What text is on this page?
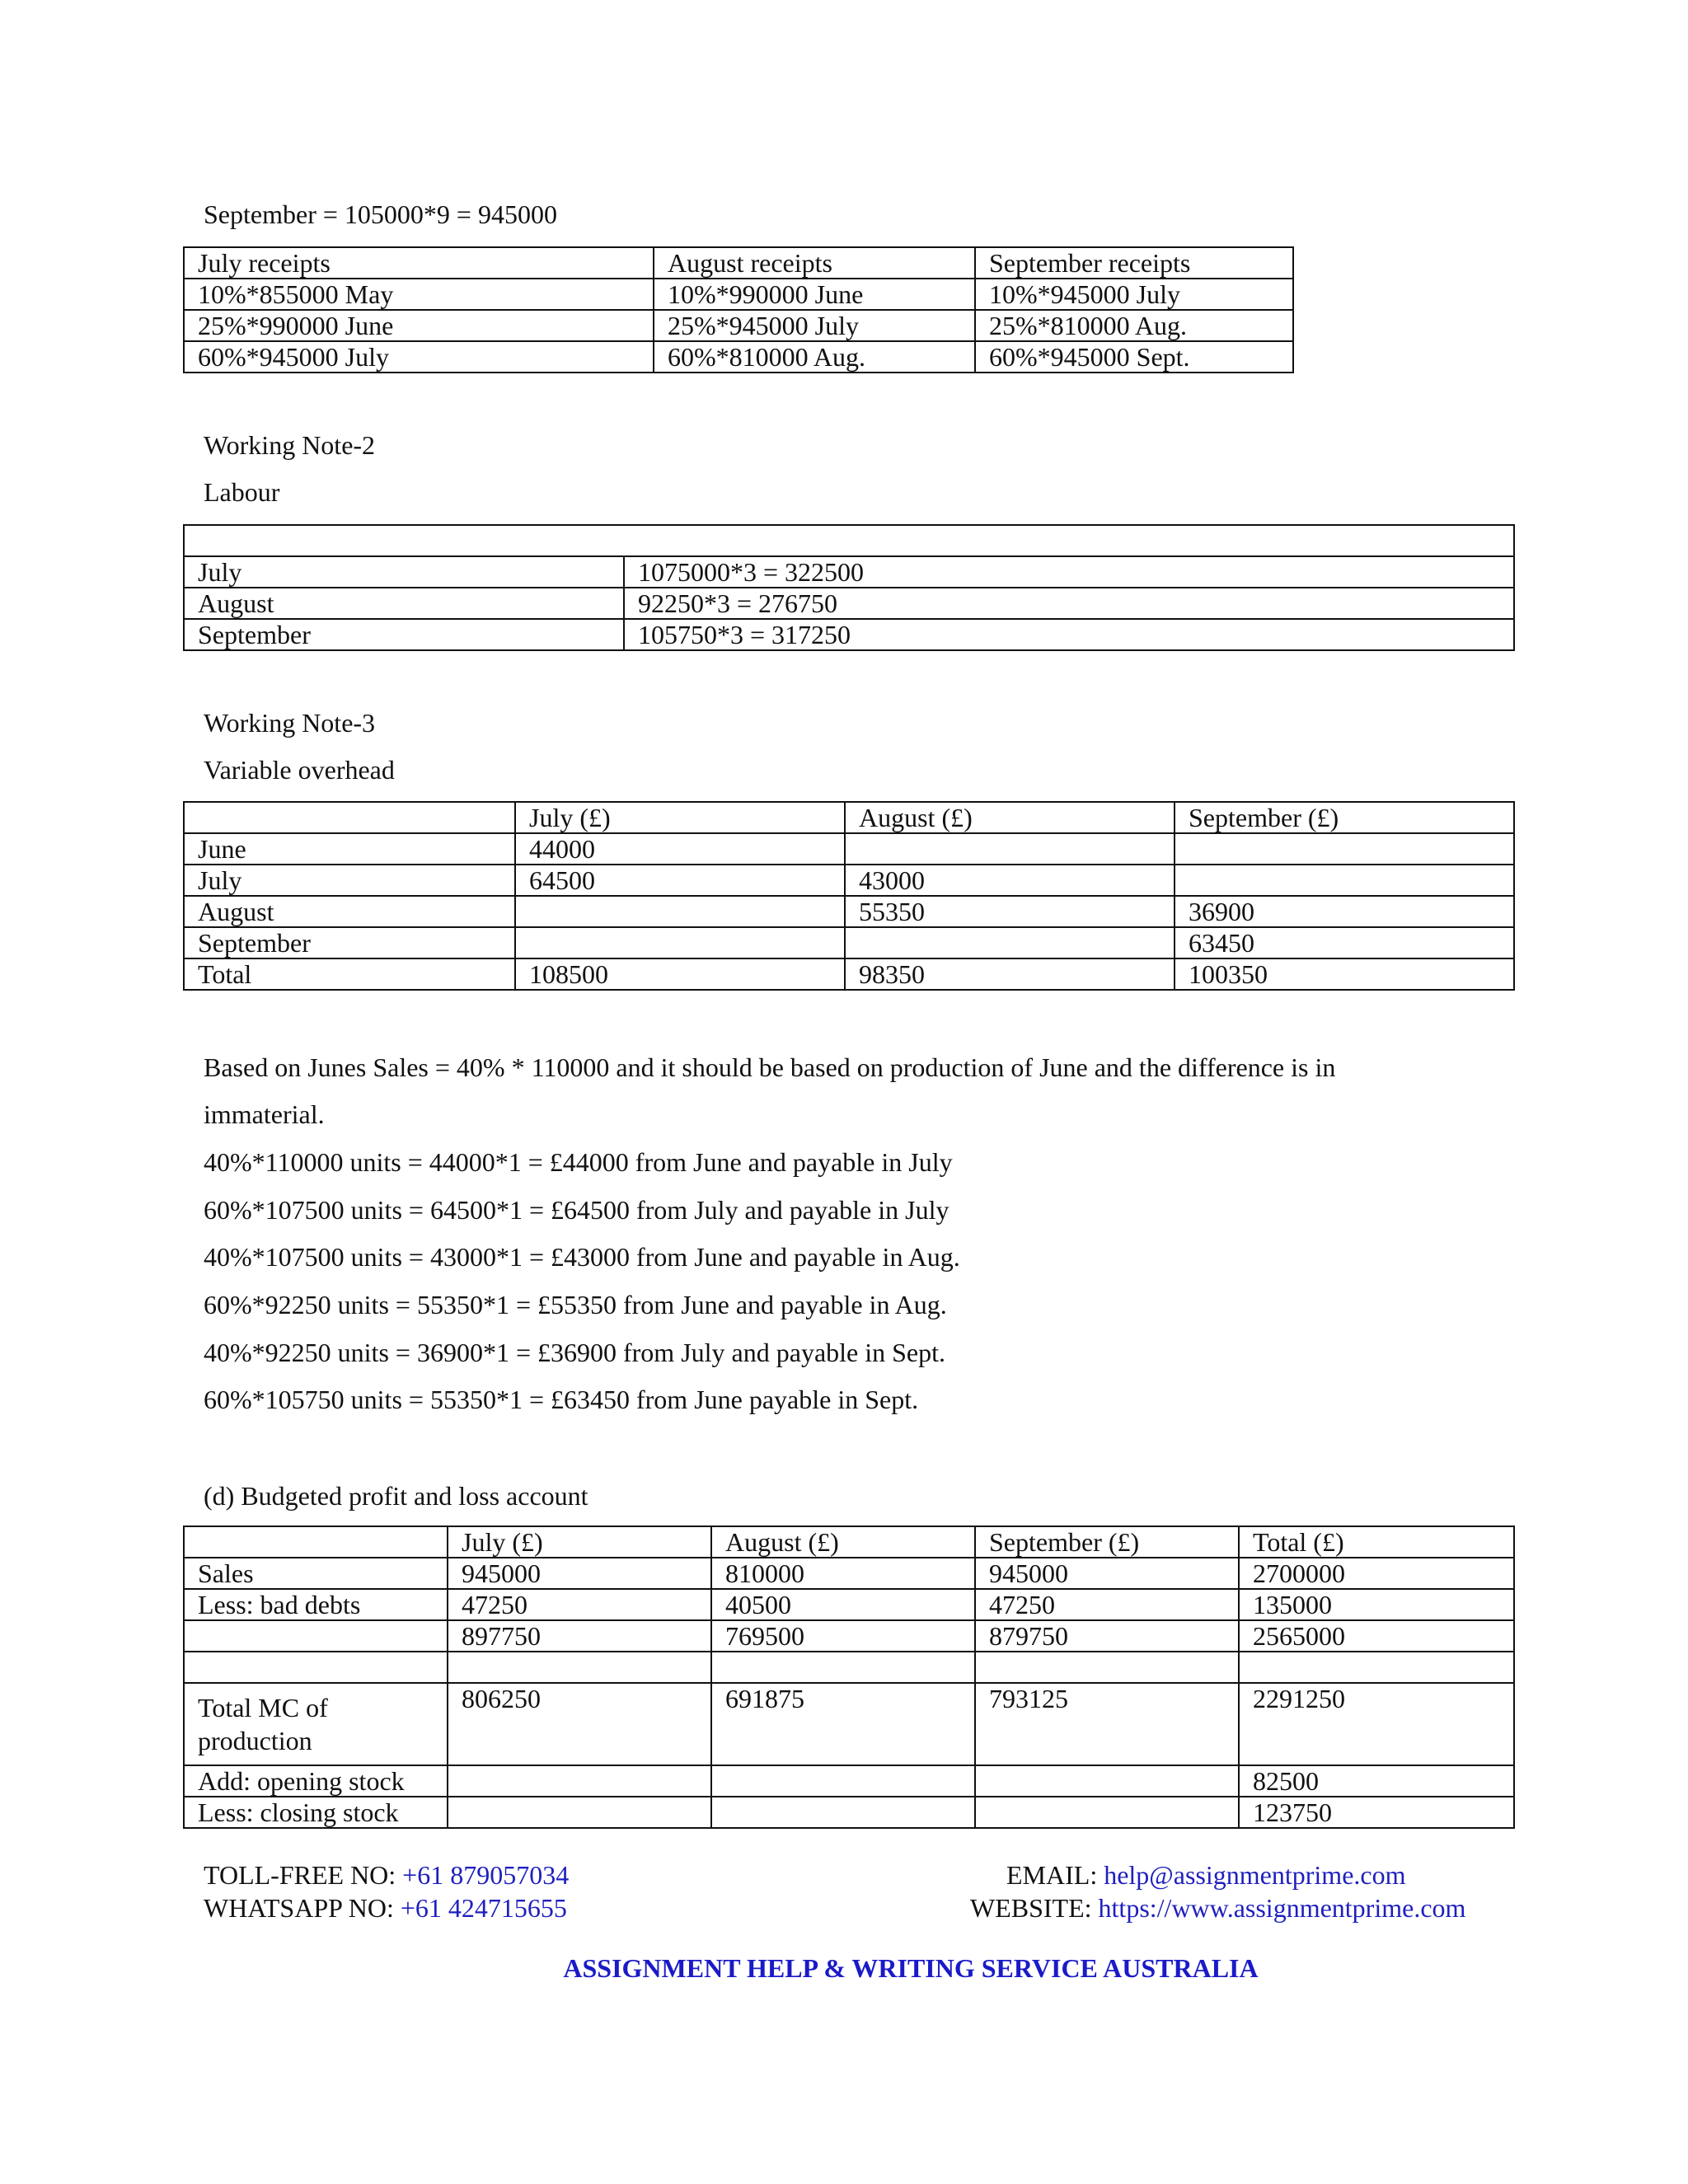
September = 105000*9 = 945000
July receipts	August receipts	September receipts
10%*855000 May	10%*990000 June	10%*945000 July
25%*990000 June	25%*945000 July	25%*810000 Aug.
60%*945000 July	60%*810000 Aug.	60%*945000 Sept.
Working Note-2
Labour

July	1075000*3 = 322500
August	92250*3 = 276750
September	105750*3 = 317250
Working Note-3
Variable overhead
	July (£)	August (£)	September (£)
June	44000		
July	64500	43000	
August		55350	36900
September			63450
Total	108500	98350	100350
Based on Junes Sales = 40% * 110000 and it should be based on production of June and the difference is in
immaterial.
40%*110000 units = 44000*1 = £44000 from June and payable in July
60%*107500 units = 64500*1 = £64500 from July and payable in July
40%*107500 units = 43000*1 = £43000 from June and payable in Aug.
60%*92250 units = 55350*1 = £55350 from June and payable in Aug.
40%*92250 units = 36900*1 = £36900 from July and payable in Sept.
60%*105750 units = 55350*1 = £63450 from June payable in Sept.
(d) Budgeted profit and loss account
	July (£)	August (£)	September (£)	Total (£)
Sales	945000	810000	945000	2700000
Less: bad debts	47250	40500	47250	135000
	897750	769500	879750	2565000

Total MC of
production	806250	691875	793125	2291250
Add: opening stock				82500
Less: closing stock				123750
TOLL-FREE NO: +61 879057034
WHATSAPP NO: +61 424715655
EMAIL: help@assignmentprime.com
WEBSITE: https://www.assignmentprime.com
ASSIGNMENT HELP & WRITING SERVICE AUSTRALIA
